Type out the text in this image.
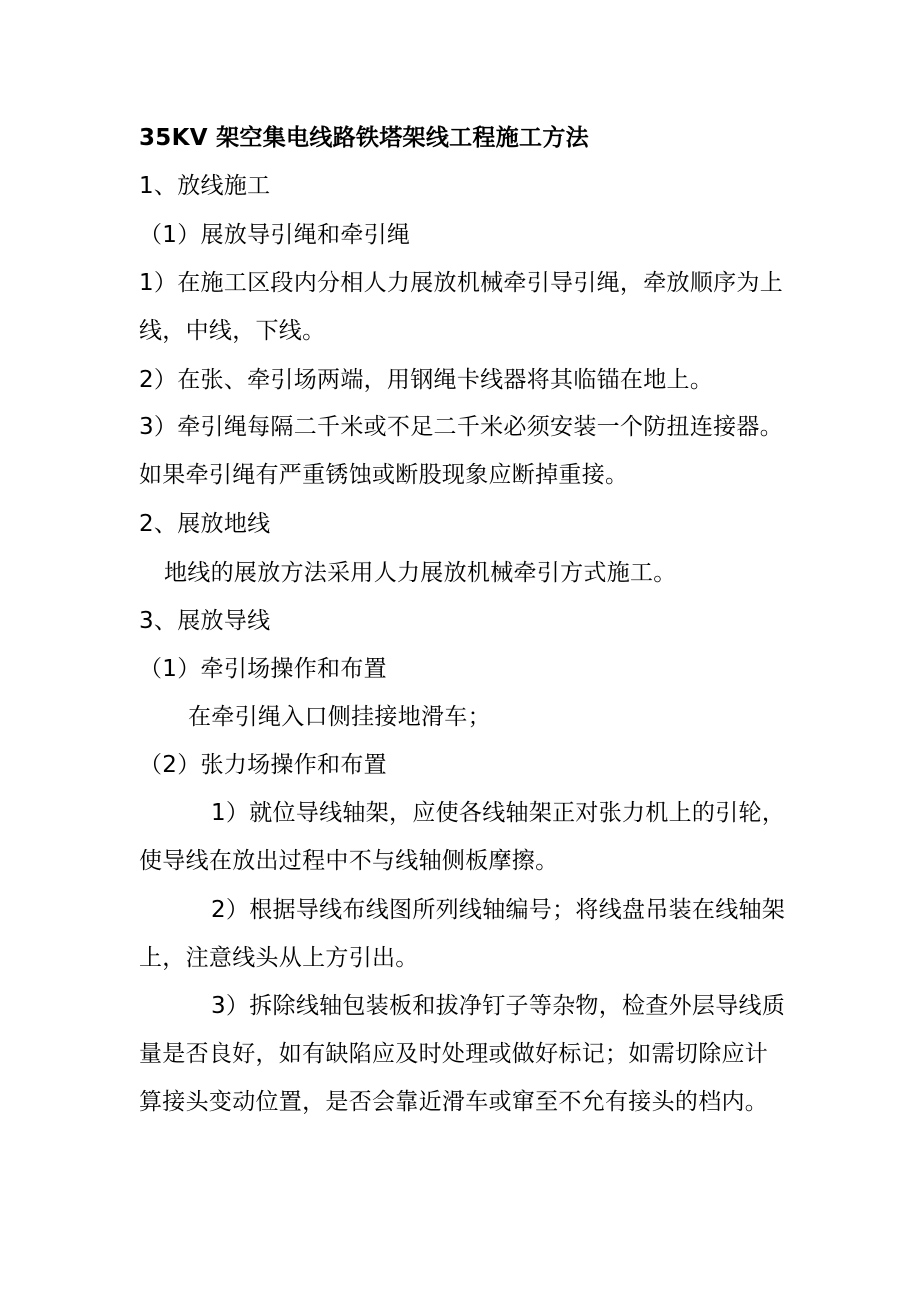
35KV 架空集电线路铁塔架线工程施工方法
1、放线施工
（1）展放导引绳和牵引绳
1）在施工区段内分相人力展放机械牵引导引绳，牵放顺序为上线，中线，下线。
2）在张、牵引场两端，用钢绳卡线器将其临锚在地上。
3）牵引绳每隔二千米或不足二千米必须安装一个防扭连接器。如果牵引绳有严重锈蚀或断股现象应断掉重接。
2、展放地线
地线的展放方法采用人力展放机械牵引方式施工。
3、展放导线
（1）牵引场操作和布置
在牵引绳入口侧挂接地滑车；
（2）张力场操作和布置
1）就位导线轴架，应使各线轴架正对张力机上的引轮，使导线在放出过程中不与线轴侧板摩擦。
2）根据导线布线图所列线轴编号；将线盘吊装在线轴架上，注意线头从上方引出。
3）拆除线轴包装板和拔净钉子等杂物，检查外层导线质量是否良好，如有缺陷应及时处理或做好标记；如需切除应计算接头变动位置，是否会靠近滑车或窜至不允有接头的档内。
